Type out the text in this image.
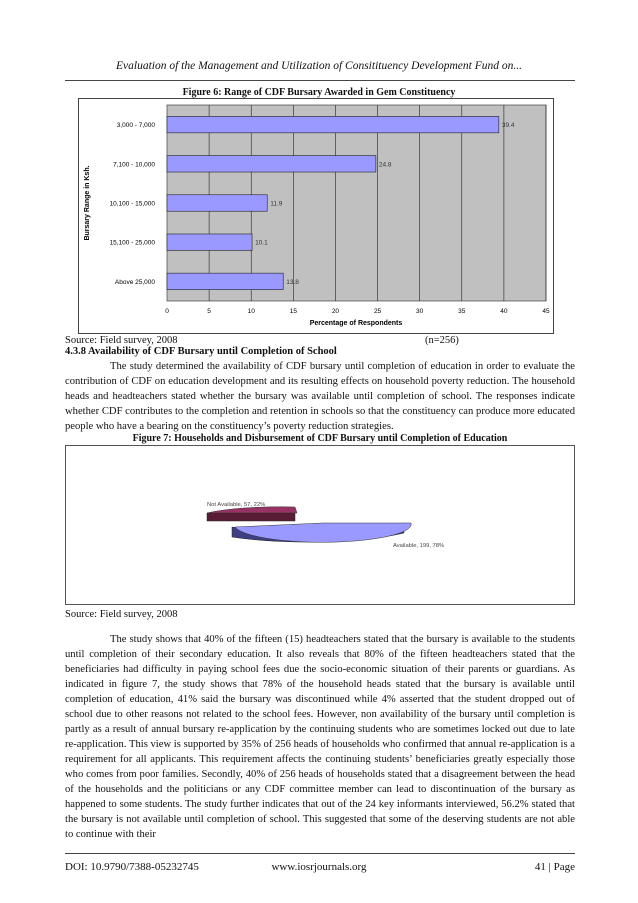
Evaluation of the Management and Utilization of Consitituency Development Fund on...
Figure 6: Range of CDF Bursary Awarded in Gem Constituency
3,000 - 7,000
7,100 - 10,000
10,100 - 15,000
15,100 - 25,000
Above 25,000
39.4
24.8
11.9
10.1
13.8
0	5	10	15	20	25	30	35	40	45
Percentage of Respondents
Bursary Range in Ksh.
Source: Field survey, 2008	(n=256)
4.3.8 Availability of CDF Bursary until Completion of School
The study determined the availability of CDF bursary until completion of education in order to evaluate the contribution of CDF on education development and its resulting effects on household poverty reduction. The household heads and headteachers stated whether the bursary was available until completion of school. The responses indicate whether CDF contributes to the completion and retention in schools so that the constituency can produce more educated people who have a bearing on the constituency’s poverty reduction strategies.
Figure 7: Households and Disbursement of CDF Bursary until Completion of Education
Not Available, 57, 22%
Available, 199, 78%
Source: Field survey, 2008
The study shows that 40% of the fifteen (15) headteachers stated that the bursary is available to the students until completion of their secondary education. It also reveals that 80% of the fifteen headteachers stated that the beneficiaries had difficulty in paying school fees due the socio-economic situation of their parents or guardians. As indicated in figure 7, the study shows that 78% of the household heads stated that the bursary is available until completion of education, 41% said the bursary was discontinued while 4% asserted that the student dropped out of school due to other reasons not related to the school fees. However, non availability of the bursary until completion is partly as a result of annual bursary re-application by the continuing students who are sometimes locked out due to late re-application. This view is supported by 35% of 256 heads of households who confirmed that annual re-application is a requirement for all applicants. This requirement affects the continuing students’ beneficiaries greatly especially those who comes from poor families. Secondly, 40% of 256 heads of households stated that a disagreement between the head of the households and the politicians or any CDF committee member can lead to discontinuation of the bursary as happened to some students. The study further indicates that out of the 24 key informants interviewed, 56.2% stated that the bursary is not available until completion of school. This suggested that some of the deserving students are not able to continue with their
DOI: 10.9790/7388-05232745	www.iosrjournals.org	41 | Page
